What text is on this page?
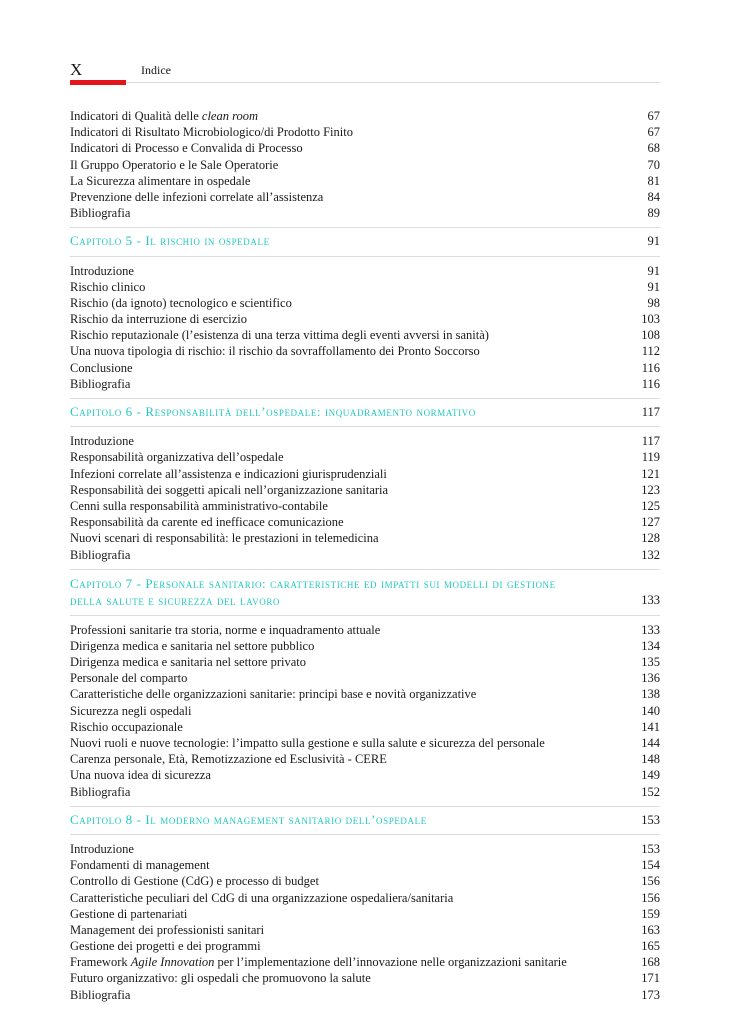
X	Indice
Indicatori di Qualità delle clean room	67
Indicatori di Risultato Microbiologico/di Prodotto Finito	67
Indicatori di Processo e Convalida di Processo	68
Il Gruppo Operatorio e le Sale Operatorie	70
La Sicurezza alimentare in ospedale	81
Prevenzione delle infezioni correlate all’assistenza	84
Bibliografia	89
Capitolo 5 - Il rischio in ospedale	91
Introduzione	91
Rischio clinico	91
Rischio (da ignoto) tecnologico e scientifico	98
Rischio da interruzione di esercizio	103
Rischio reputazionale (l’esistenza di una terza vittima degli eventi avversi in sanità)	108
Una nuova tipologia di rischio: il rischio da sovraffollamento dei Pronto Soccorso	112
Conclusione	116
Bibliografia	116
Capitolo 6 - Responsabilità dell’ospedale: inquadramento normativo	117
Introduzione	117
Responsabilità organizzativa dell’ospedale	119
Infezioni correlate all’assistenza e indicazioni giurisprudenziali	121
Responsabilità dei soggetti apicali nell’organizzazione sanitaria	123
Cenni sulla responsabilità amministrativo-contabile	125
Responsabilità da carente ed inefficace comunicazione	127
Nuovi scenari di responsabilità: le prestazioni in telemedicina	128
Bibliografia	132
Capitolo 7 - Personale sanitario: caratteristiche ed impatti sui modelli di gestione
della salute e sicurezza del lavoro	133
Professioni sanitarie tra storia, norme e inquadramento attuale	133
Dirigenza medica e sanitaria nel settore pubblico	134
Dirigenza medica e sanitaria nel settore privato	135
Personale del comparto	136
Caratteristiche delle organizzazioni sanitarie: principi base e novità organizzative	138
Sicurezza negli ospedali	140
Rischio occupazionale	141
Nuovi ruoli e nuove tecnologie: l’impatto sulla gestione e sulla salute e sicurezza del personale	144
Carenza personale, Età, Remotizzazione ed Esclusività - CERE	148
Una nuova idea di sicurezza	149
Bibliografia	152
Capitolo 8 - Il moderno management sanitario dell’ospedale	153
Introduzione	153
Fondamenti di management	154
Controllo di Gestione (CdG) e processo di budget	156
Caratteristiche peculiari del CdG di una organizzazione ospedaliera/sanitaria	156
Gestione di partenariati	159
Management dei professionisti sanitari	163
Gestione dei progetti e dei programmi	165
Framework Agile Innovation per l’implementazione dell’innovazione nelle organizzazioni sanitarie	168
Futuro organizzativo: gli ospedali che promuovono la salute	171
Bibliografia	173
